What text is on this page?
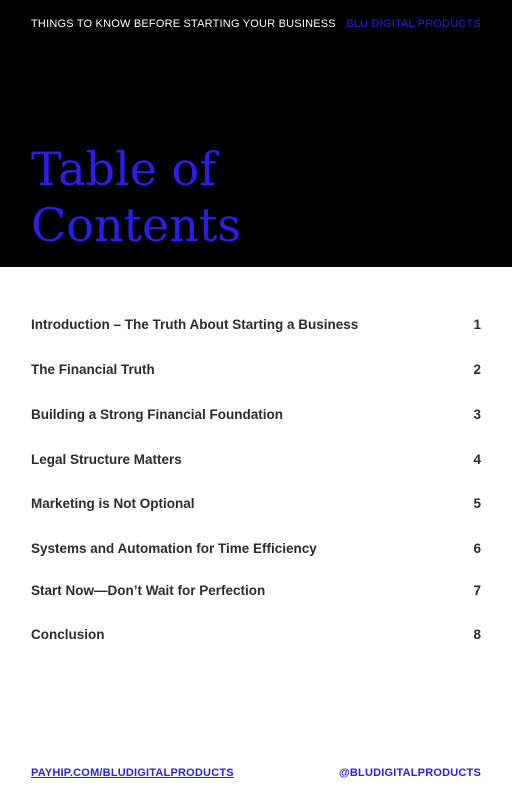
THINGS TO KNOW BEFORE STARTING YOUR BUSINESS BLU DIGITAL PRODUCTS
Table of
Contents
Introduction – The Truth About Starting a Business	1
The Financial Truth	2
Building a Strong Financial Foundation	3
Legal Structure Matters	4
Marketing is Not Optional	5
Systems and Automation for Time Efficiency	6
Start Now—Don’t Wait for Perfection	7
Conclusion	8
PAYHIP.COM/BLUDIGITALPRODUCTS	@BLUDIGITALPRODUCTS
